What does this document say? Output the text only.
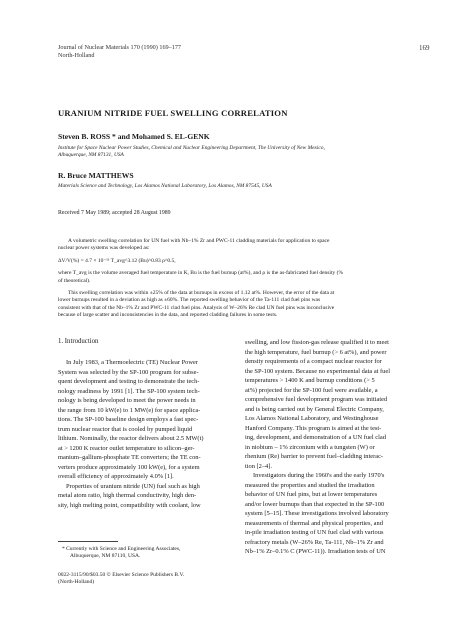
Journal of Nuclear Materials 170 (1990) 169–177
North-Holland
169
URANIUM NITRIDE FUEL SWELLING CORRELATION
Steven B. ROSS * and Mohamed S. EL-GENK
Institute for Space Nuclear Power Studies, Chemical and Nuclear Engineering Department, The University of New Mexico,
Albuquerque, NM 87131, USA
R. Bruce MATTHEWS
Materials Science and Technology, Los Alamos National Laboratory, Los Alamos, NM 87545, USA
Received 7 May 1989; accepted 28 August 1989
A volumetric swelling correlation for UN fuel with Nb–1% Zr and PWC-11 cladding materials for application to space
nuclear power systems was developed as:
ΔV/V(%) = 4.7 × 10⁻¹¹ T_avg^3.12 (Bu)^0.83 ρ^0.5,
where T_avg is the volume averaged fuel temperature in K, Bu is the fuel burnup (at%), and ρ is the as-fabricated fuel density (%
of theoretical).
This swelling correlation was within ±25% of the data at burnups in excess of 1.12 at%. However, the error of the data at
lower burnups resulted in a deviation as high as ±60%. The reported swelling behavior of the Ta-111 clad fuel pins was
consistent with that of the Nb–1% Zr and PWC-11 clad fuel pins. Analysis of W–26% Re clad UN fuel pins was inconclusive
because of large scatter and inconsistencies in the data, and reported cladding failures in some tests.
1. Introduction
In July 1983, a Thermoelectric (TE) Nuclear Power
System was selected by the SP-100 program for subse-
quent development and testing to demonstrate the tech-
nology readiness by 1991 [1]. The SP-100 system tech-
nology is being developed to meet the power needs in
the range from 10 kW(e) to 1 MW(e) for space applica-
tions. The SP-100 baseline design employs a fast spec-
trum nuclear reactor that is cooled by pumped liquid
lithium. Nominally, the reactor delivers about 2.5 MW(t)
at > 1200 K reactor outlet temperature to silicon–ger-
manium–gallium-phosphate TE converters; the TE con-
verters produce approximately 100 kW(e), for a system
overall efficiency of approximately 4.0% [1].
Properties of uranium nitride (UN) fuel such as high
metal atom ratio, high thermal conductivity, high den-
sity, high melting point, compatibility with coolant, low
swelling, and low fission-gas release qualified it to meet
the high temperature, fuel burnup (> 6 at%), and power
density requirements of a compact nuclear reactor for
the SP-100 system. Because no experimental data at fuel
temperatures > 1400 K and burnup conditions (> 5
at%) projected for the SP-100 fuel were available, a
comprehensive fuel development program was initiated
and is being carried out by General Electric Company,
Los Alamos National Laboratory, and Westinghouse
Hanford Company. This program is aimed at the test-
ing, development, and demonstration of a UN fuel clad
in niobium – 1% zirconium with a tungsten (W) or
rhenium (Re) barrier to prevent fuel–cladding interac-
tion [2–4].
Investigators during the 1960's and the early 1970's
measured the properties and studied the irradiation
behavior of UN fuel pins, but at lower temperatures
and/or lower burnups than that expected in the SP-100
system [5–15]. These investigations involved laboratory
measurements of thermal and physical properties, and
in-pile irradiation testing of UN fuel clad with various
refractory metals (W–26% Re, Ta-111, Nb–1% Zr and
Nb–1% Zr–0.1% C (PWC-11)). Irradiation tests of UN
* Currently with Science and Engineering Associates,
Albuquerque, NM 87110, USA.
0022-3115/90/$03.50 © Elsevier Science Publishers B.V.
(North-Holland)
